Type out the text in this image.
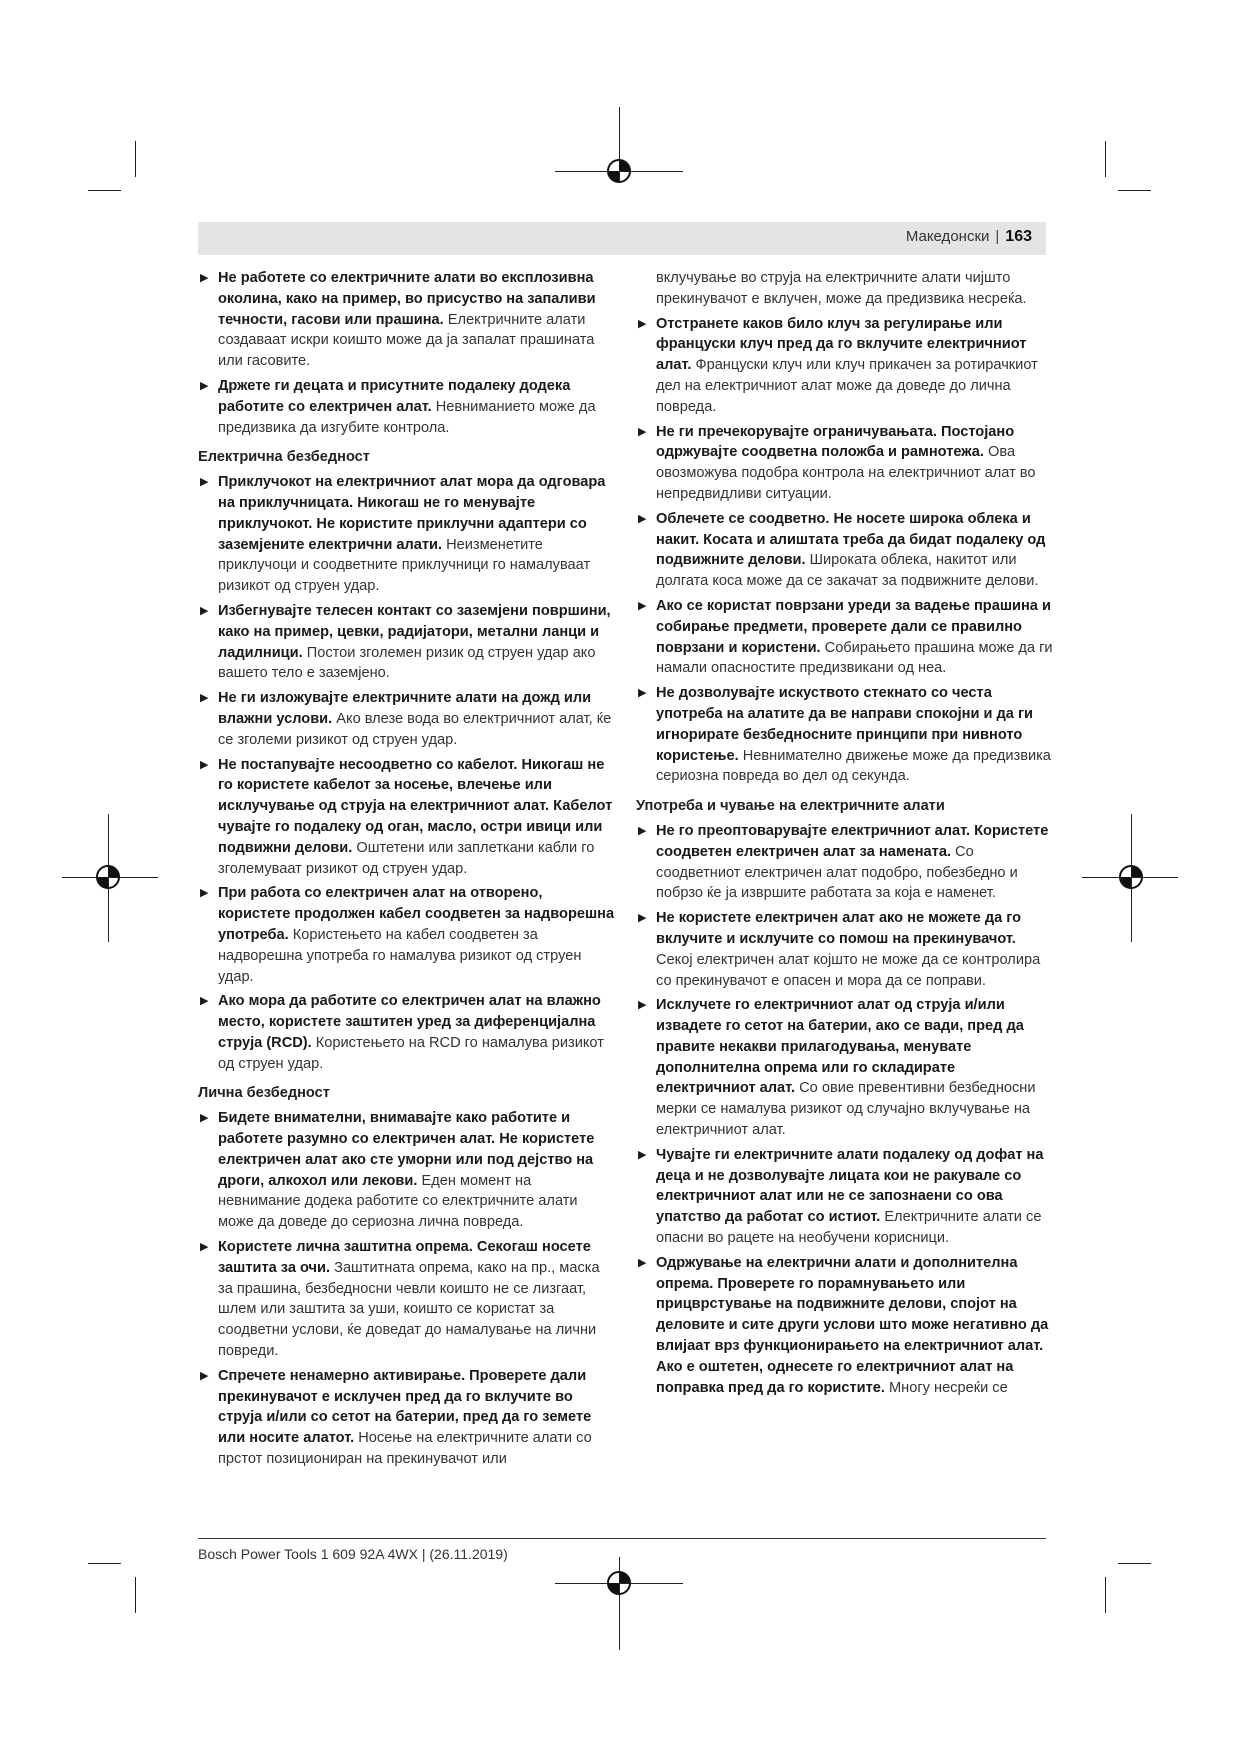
Македонски | 163
▶ Не работете со електричните алати во експлозивна околина, како на пример, во присуство на запаливи течности, гасови или прашина. Електричните алати создаваат искри коишто може да ја запалат прашината или гасовите.
▶ Држете ги децата и присутните подалеку додека работите со електричен алат. Невниманието може да предизвика да изгубите контрола.
Електрична безбедност
▶ Приклучокот на електричниот алат мора да одговара на приклучницата. Никогаш не го менувајте приклучокот. Не користите приклучни адаптери со заземјените електрични алати. Неизменетите приклучоци и соодветните приклучници го намалуваат ризикот од струен удар.
▶ Избегнувајте телесен контакт со заземјени површини, како на пример, цевки, радијатори, метални ланци и ладилници. Постои зголемен ризик од струен удар ако вашето тело е заземјено.
▶ Не ги изложувајте електричните алати на дожд или влажни услови. Ако влезе вода во електричниот алат, ќе се зголеми ризикот од струен удар.
▶ Не постапувајте несоодветно со кабелот. Никогаш не го користете кабелот за носење, влечење или исклучување од струја на електричниот алат. Кабелот чувајте го подалеку од оган, масло, остри ивици или подвижни делови. Оштетени или заплеткани кабли го зголемуваат ризикот од струен удар.
▶ При работа со електричен алат на отворено, користете продолжен кабел соодветен за надворешна употреба. Користењето на кабел соодветен за надворешна употреба го намалува ризикот од струен удар.
▶ Ако мора да работите со електричен алат на влажно место, користете заштитен уред за диференцијална струја (RCD). Користењето на RCD го намалува ризикот од струен удар.
Лична безбедност
▶ Бидете внимателни, внимавајте како работите и работете разумно со електричен алат. Не користете електричен алат ако сте уморни или под дејство на дроги, алкохол или лекови. Еден момент на невнимание додека работите со електричните алати може да доведе до сериозна лична повреда.
▶ Користете лична заштитна опрема. Секогаш носете заштита за очи. Заштитната опрема, како на пр., маска за прашина, безбедносни чевли коишто не се лизгаат, шлем или заштита за уши, коишто се користат за соодветни услови, ќе доведат до намалување на лични повреди.
▶ Спречете ненамерно активирање. Проверете дали прекинувачот е исклучен пред да го вклучите во струја и/или со сетот на батерии, пред да го земете или носите алатот. Носење на електричните алати со прстот позициониран на прекинувачот или
вклучување во струја на електричните алати чијшто прекинувачот е вклучен, може да предизвика несреќа.
▶ Отстранете каков било клуч за регулирање или француски клуч пред да го вклучите електричниот алат. Француски клуч или клуч прикачен за ротирачкиот дел на електричниот алат може да доведе до лична повреда.
▶ Не ги пречекорувајте ограничувањата. Постојано одржувајте соодветна положба и рамнотежа. Ова овозможува подобра контрола на електричниот алат во непредвидливи ситуации.
▶ Облечете се соодветно. Не носете широка облека и накит. Косата и алиштата треба да бидат подалеку од подвижните делови. Широката облека, накитот или долгата коса може да се закачат за подвижните делови.
▶ Ако се користат поврзани уреди за вадење прашина и собирање предмети, проверете дали се правилно поврзани и користени. Собирањето прашина може да ги намали опасностите предизвикани од неа.
▶ Не дозволувајте искуството стекнато со честа употреба на алатите да ве направи спокојни и да ги игнорирате безбедносните принципи при нивното користење. Невнимателно движење може да предизвика сериозна повреда во дел од секунда.
Употреба и чување на електричните алати
▶ Не го преоптоварувајте електричниот алат. Користете соодветен електричен алат за намената. Со соодветниот електричен алат подобро, побезбедно и побрзо ќе ја извршите работата за која е наменет.
▶ Не користете електричен алат ако не можете да го вклучите и исклучите со помош на прекинувачот. Секој електричен алат којшто не може да се контролира со прекинувачот е опасен и мора да се поправи.
▶ Исклучете го електричниот алат од струја и/или извадете го сетот на батерии, ако се вади, пред да правите некакви прилагодувања, менувате дополнителна опрема или го складирате електричниот алат. Со овие превентивни безбедносни мерки се намалува ризикот од случајно вклучување на електричниот алат.
▶ Чувајте ги електричните алати подалеку од дофат на деца и не дозволувајте лицата кои не ракувале со електричниот алат или не се запознаени со ова упатство да работат со истиот. Електричните алати се опасни во рацете на необучени корисници.
▶ Одржување на електрични алати и дополнителна опрема. Проверете го порамнувањето или прицврстување на подвижните делови, спојот на деловите и сите други услови што може негативно да влијаат врз функционирањето на електричниот алат. Ако е оштетен, однесете го електричниот алат на поправка пред да го користите. Многу несреќи се
Bosch Power Tools 1 609 92A 4WX | (26.11.2019)
